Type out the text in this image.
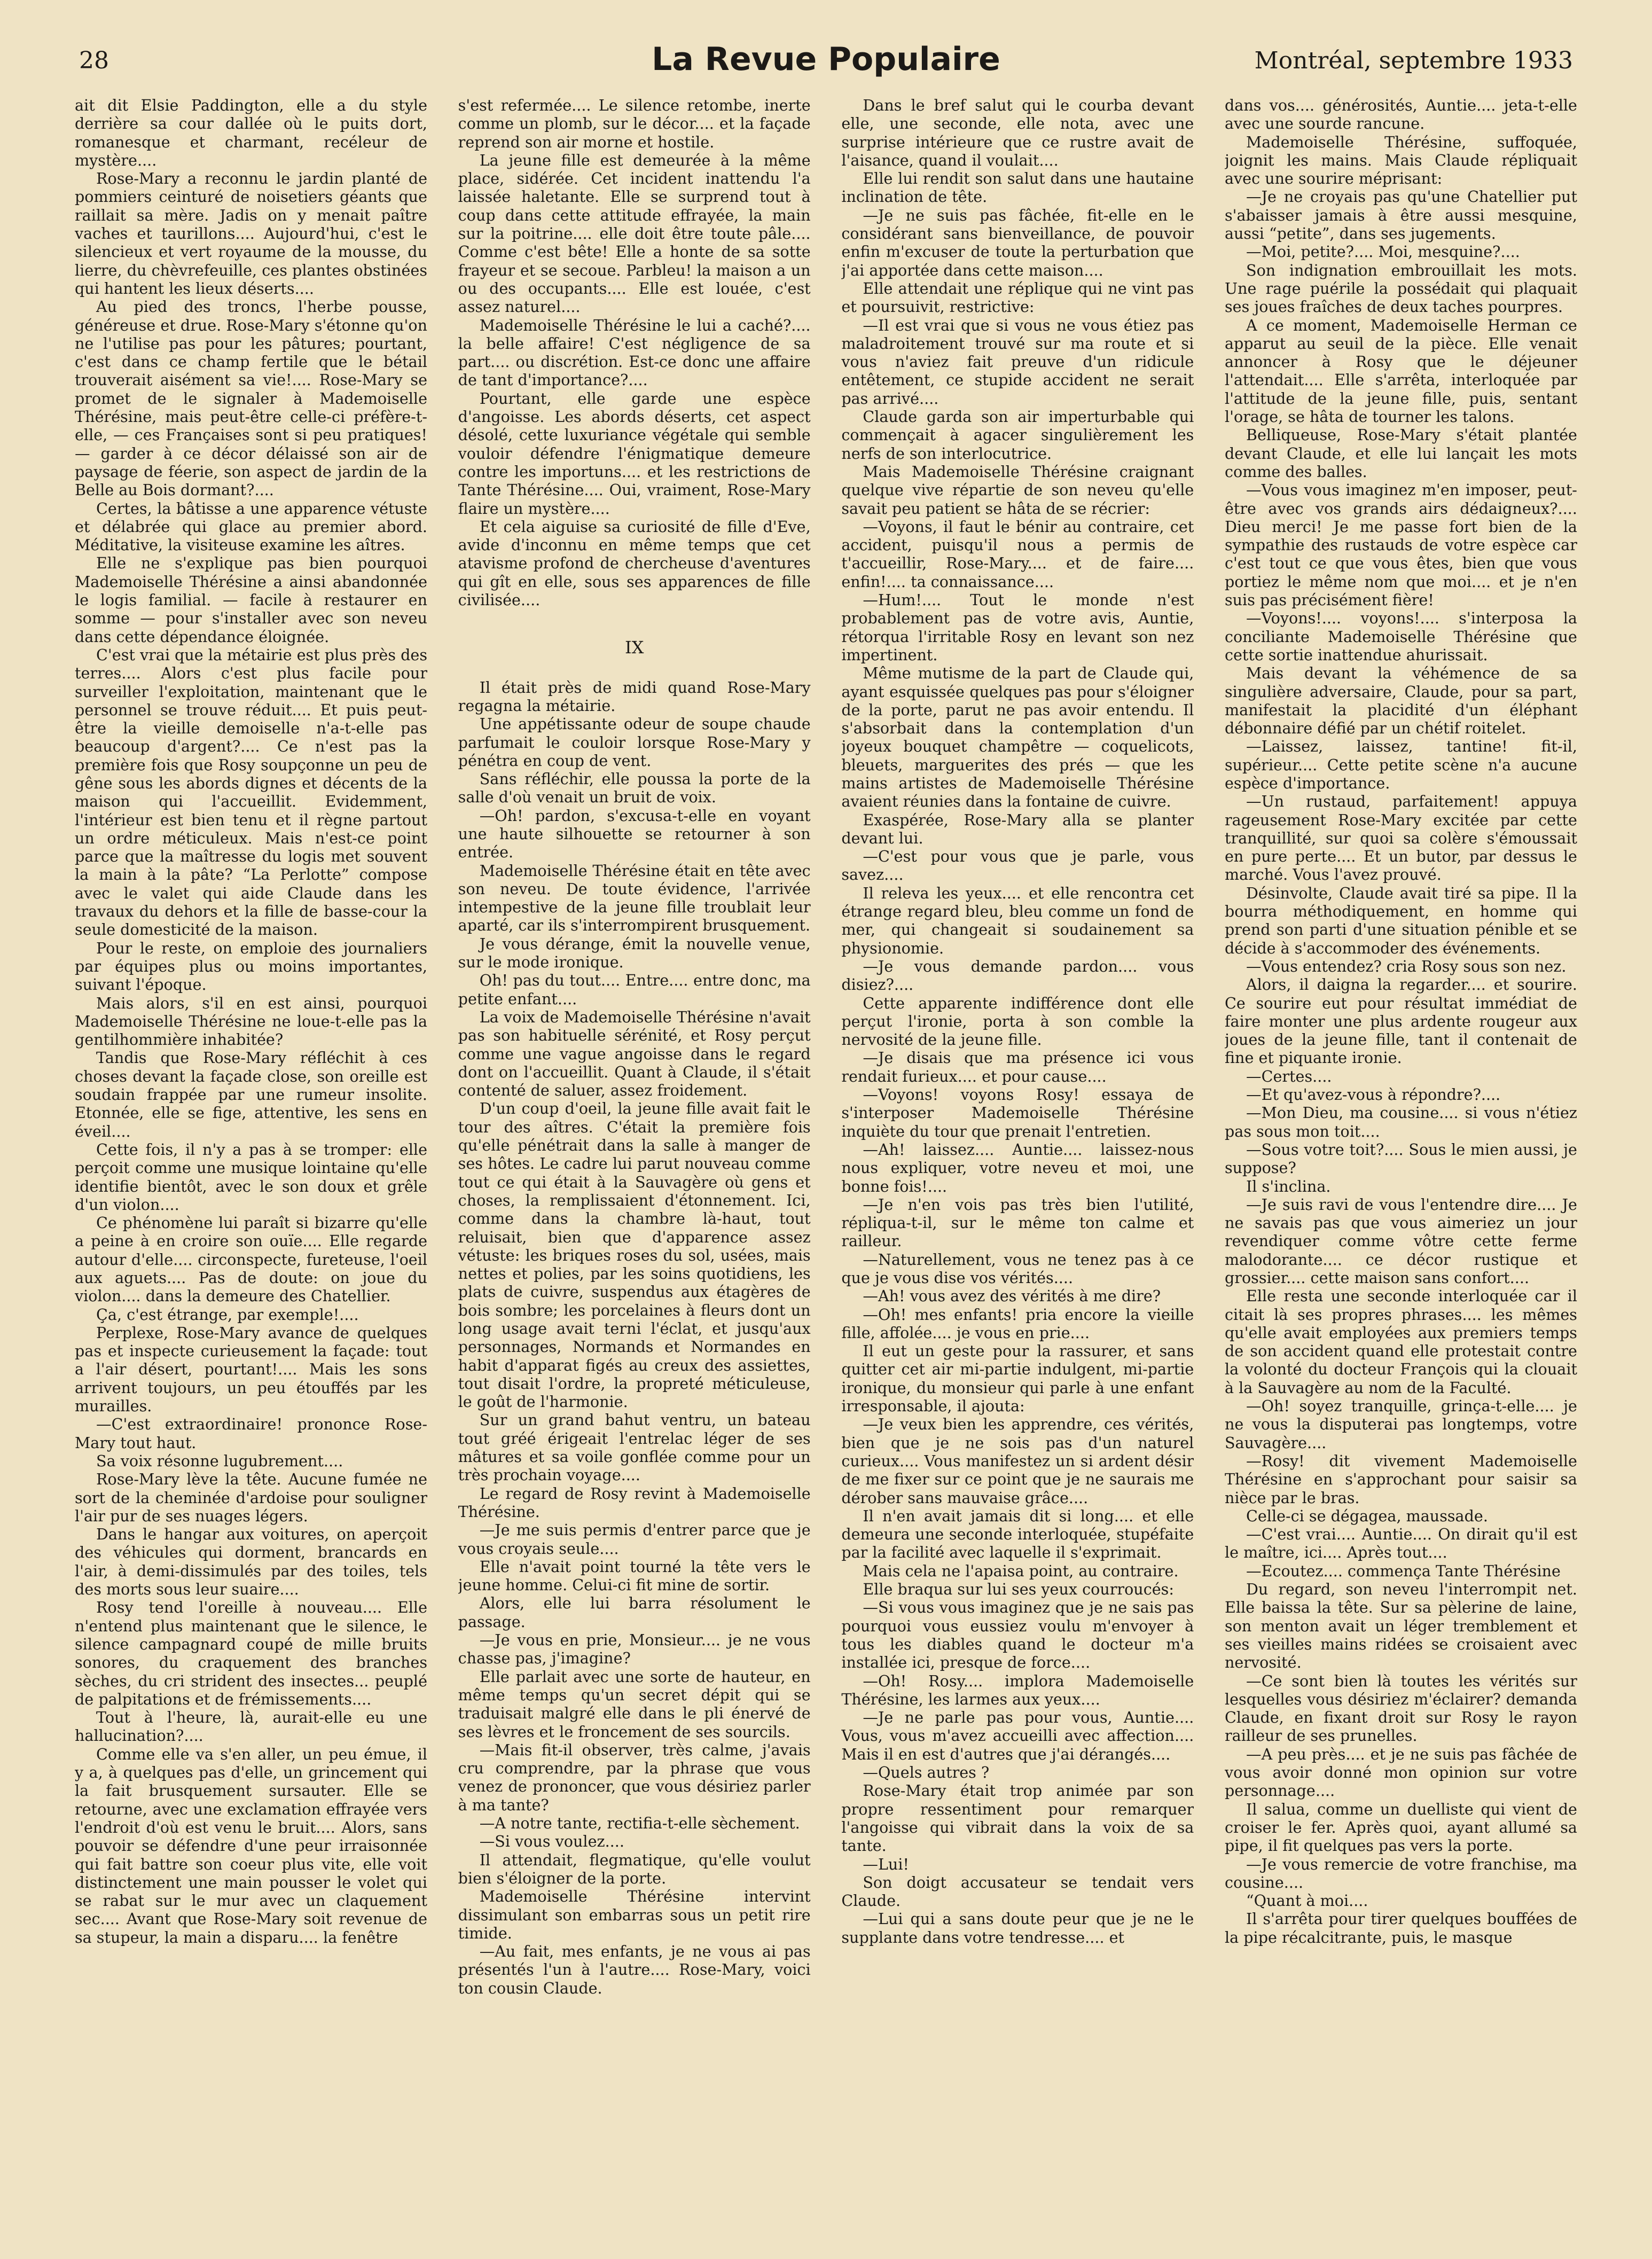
28	La Revue Populaire	Montréal, septembre 1933

ait dit Elsie Paddington, elle a du style derrière sa cour dallée où le puits dort, romanesque et charmant, recéleur de mystère....

Rose-Mary a reconnu le jardin planté de pommiers ceinturé de noisetiers géants que raillait sa mère. Jadis on y menait paître vaches et taurillons.... Aujourd'hui, c'est le silencieux et vert royaume de la mousse, du lierre, du chèvrefeuille, ces plantes obstinées qui hantent les lieux déserts....

Au pied des troncs, l'herbe pousse, généreuse et drue. Rose-Mary s'étonne qu'on ne l'utilise pas pour les pâtures; pourtant, c'est dans ce champ fertile que le bétail trouverait aisément sa vie!.... Rose-Mary se promet de le signaler à Mademoiselle Thérésine, mais peut-être celle-ci préfère-t-elle, — ces Françaises sont si peu pratiques! — garder à ce décor délaissé son air de paysage de féerie, son aspect de jardin de la Belle au Bois dormant?....

Certes, la bâtisse a une apparence vétuste et délabrée qui glace au premier abord. Méditative, la visiteuse examine les aîtres.

Elle ne s'explique pas bien pourquoi Mademoiselle Thérésine a ainsi abandonnée le logis familial. — facile à restaurer en somme — pour s'installer avec son neveu dans cette dépendance éloignée.

C'est vrai que la métairie est plus près des terres.... Alors c'est plus facile pour surveiller l'exploitation, maintenant que le personnel se trouve réduit.... Et puis peut-être la vieille demoiselle n'a-t-elle pas beaucoup d'argent?.... Ce n'est pas la première fois que Rosy soupçonne un peu de gêne sous les abords dignes et décents de la maison qui l'accueillit. Evidemment, l'intérieur est bien tenu et il règne partout un ordre méticuleux. Mais n'est-ce point parce que la maîtresse du logis met souvent la main à la pâte? “La Perlotte” compose avec le valet qui aide Claude dans les travaux du dehors et la fille de basse-cour la seule domesticité de la maison.

Pour le reste, on emploie des journaliers par équipes plus ou moins importantes, suivant l'époque.

Mais alors, s'il en est ainsi, pourquoi Mademoiselle Thérésine ne loue-t-elle pas la gentilhommière inhabitée?

Tandis que Rose-Mary réfléchit à ces choses devant la façade close, son oreille est soudain frappée par une rumeur insolite. Etonnée, elle se fige, attentive, les sens en éveil....

Cette fois, il n'y a pas à se tromper: elle perçoit comme une musique lointaine qu'elle identifie bientôt, avec le son doux et grêle d'un violon....

Ce phénomène lui paraît si bizarre qu'elle a peine à en croire son ouïe.... Elle regarde autour d'elle.... circonspecte, fureteuse, l'oeil aux aguets.... Pas de doute: on joue du violon.... dans la demeure des Chatellier.

Ça, c'est étrange, par exemple!....

Perplexe, Rose-Mary avance de quelques pas et inspecte curieusement la façade: tout a l'air désert, pourtant!.... Mais les sons arrivent toujours, un peu étouffés par les murailles.

—C'est extraordinaire! prononce Rose-Mary tout haut.

Sa voix résonne lugubrement....

Rose-Mary lève la tête. Aucune fumée ne sort de la cheminée d'ardoise pour souligner l'air pur de ses nuages légers.

Dans le hangar aux voitures, on aperçoit des véhicules qui dorment, brancards en l'air, à demi-dissimulés par des toiles, tels des morts sous leur suaire....

Rosy tend l'oreille à nouveau.... Elle n'entend plus maintenant que le silence, le silence campagnard coupé de mille bruits sonores, du craquement des branches sèches, du cri strident des insectes... peuplé de palpitations et de frémissements....

Tout à l'heure, là, aurait-elle eu une hallucination?....

Comme elle va s'en aller, un peu émue, il y a, à quelques pas d'elle, un grincement qui la fait brusquement sursauter. Elle se retourne, avec une exclamation effrayée vers l'endroit d'où est venu le bruit.... Alors, sans pouvoir se défendre d'une peur irraisonnée qui fait battre son coeur plus vite, elle voit distinctement une main pousser le volet qui se rabat sur le mur avec un claquement sec.... Avant que Rose-Mary soit revenue de sa stupeur, la main a disparu.... la fenêtre

s'est refermée.... Le silence retombe, inerte comme un plomb, sur le décor.... et la façade reprend son air morne et hostile.

La jeune fille est demeurée à la même place, sidérée. Cet incident inattendu l'a laissée haletante. Elle se surprend tout à coup dans cette attitude effrayée, la main sur la poitrine.... elle doit être toute pâle.... Comme c'est bête! Elle a honte de sa sotte frayeur et se secoue. Parbleu! la maison a un ou des occupants.... Elle est louée, c'est assez naturel....

Mademoiselle Thérésine le lui a caché?.... la belle affaire! C'est négligence de sa part.... ou discrétion. Est-ce donc une affaire de tant d'importance?....

Pourtant, elle garde une espèce d'angoisse. Les abords déserts, cet aspect désolé, cette luxuriance végétale qui semble vouloir défendre l'énigmatique demeure contre les importuns.... et les restrictions de Tante Thérésine.... Oui, vraiment, Rose-Mary flaire un mystère....

Et cela aiguise sa curiosité de fille d'Eve, avide d'inconnu en même temps que cet atavisme profond de chercheuse d'aventures qui gît en elle, sous ses apparences de fille civilisée....

IX

Il était près de midi quand Rose-Mary regagna la métairie.

Une appétissante odeur de soupe chaude parfumait le couloir lorsque Rose-Mary y pénétra en coup de vent.

Sans réfléchir, elle poussa la porte de la salle d'où venait un bruit de voix.

—Oh! pardon, s'excusa-t-elle en voyant une haute silhouette se retourner à son entrée.

Mademoiselle Thérésine était en tête avec son neveu. De toute évidence, l'arrivée intempestive de la jeune fille troublait leur aparté, car ils s'interrompirent brusquement.

Je vous dérange, émit la nouvelle venue, sur le mode ironique.

Oh! pas du tout.... Entre.... entre donc, ma petite enfant....

La voix de Mademoiselle Thérésine n'avait pas son habituelle sérénité, et Rosy perçut comme une vague angoisse dans le regard dont on l'accueillit. Quant à Claude, il s'était contenté de saluer, assez froidement.

D'un coup d'oeil, la jeune fille avait fait le tour des aîtres. C'était la première fois qu'elle pénétrait dans la salle à manger de ses hôtes. Le cadre lui parut nouveau comme tout ce qui était à la Sauvagère où gens et choses, la remplissaient d'étonnement. Ici, comme dans la chambre là-haut, tout reluisait, bien que d'apparence assez vétuste: les briques roses du sol, usées, mais nettes et polies, par les soins quotidiens, les plats de cuivre, suspendus aux étagères de bois sombre; les porcelaines à fleurs dont un long usage avait terni l'éclat, et jusqu'aux personnages, Normands et Normandes en habit d'apparat figés au creux des assiettes, tout disait l'ordre, la propreté méticuleuse, le goût de l'harmonie.

Sur un grand bahut ventru, un bateau tout gréé érigeait l'entrelac léger de ses mâtures et sa voile gonflée comme pour un très prochain voyage....

Le regard de Rosy revint à Mademoiselle Thérésine.

—Je me suis permis d'entrer parce que je vous croyais seule....

Elle n'avait point tourné la tête vers le jeune homme. Celui-ci fit mine de sortir.

Alors, elle lui barra résolument le passage.

—Je vous en prie, Monsieur.... je ne vous chasse pas, j'imagine?

Elle parlait avec une sorte de hauteur, en même temps qu'un secret dépit qui se traduisait malgré elle dans le pli énervé de ses lèvres et le froncement de ses sourcils.

—Mais fit-il observer, très calme, j'avais cru comprendre, par la phrase que vous venez de prononcer, que vous désiriez parler à ma tante?

—A notre tante, rectifia-t-elle sèchement.

—Si vous voulez....

Il attendait, flegmatique, qu'elle voulut bien s'éloigner de la porte.

Mademoiselle Thérésine intervint dissimulant son embarras sous un petit rire timide.

—Au fait, mes enfants, je ne vous ai pas présentés l'un à l'autre.... Rose-Mary, voici ton cousin Claude.

Dans le bref salut qui le courba devant elle, une seconde, elle nota, avec une surprise intérieure que ce rustre avait de l'aisance, quand il voulait....

Elle lui rendit son salut dans une hautaine inclination de tête.

—Je ne suis pas fâchée, fit-elle en le considérant sans bienveillance, de pouvoir enfin m'excuser de toute la perturbation que j'ai apportée dans cette maison....

Elle attendait une réplique qui ne vint pas et poursuivit, restrictive:

—Il est vrai que si vous ne vous étiez pas maladroitement trouvé sur ma route et si vous n'aviez fait preuve d'un ridicule entêtement, ce stupide accident ne serait pas arrivé....

Claude garda son air imperturbable qui commençait à agacer singulièrement les nerfs de son interlocutrice.

Mais Mademoiselle Thérésine craignant quelque vive répartie de son neveu qu'elle savait peu patient se hâta de se récrier:

—Voyons, il faut le bénir au contraire, cet accident, puisqu'il nous a permis de t'accueillir, Rose-Mary.... et de faire.... enfin!.... ta connaissance....

—Hum!.... Tout le monde n'est probablement pas de votre avis, Auntie, rétorqua l'irritable Rosy en levant son nez impertinent.

Même mutisme de la part de Claude qui, ayant esquissée quelques pas pour s'éloigner de la porte, parut ne pas avoir entendu. Il s'absorbait dans la contemplation d'un joyeux bouquet champêtre — coquelicots, bleuets, marguerites des prés — que les mains artistes de Mademoiselle Thérésine avaient réunies dans la fontaine de cuivre.

Exaspérée, Rose-Mary alla se planter devant lui.

—C'est pour vous que je parle, vous savez....

Il releva les yeux.... et elle rencontra cet étrange regard bleu, bleu comme un fond de mer, qui changeait si soudainement sa physionomie.

—Je vous demande pardon.... vous disiez?....

Cette apparente indifférence dont elle perçut l'ironie, porta à son comble la nervosité de la jeune fille.

—Je disais que ma présence ici vous rendait furieux.... et pour cause....

—Voyons! voyons Rosy! essaya de s'interposer Mademoiselle Thérésine inquiète du tour que prenait l'entretien.

—Ah! laissez.... Auntie.... laissez-nous nous expliquer, votre neveu et moi, une bonne fois!....

—Je n'en vois pas très bien l'utilité, répliqua-t-il, sur le même ton calme et railleur.

—Naturellement, vous ne tenez pas à ce que je vous dise vos vérités....

—Ah! vous avez des vérités à me dire?

—Oh! mes enfants! pria encore la vieille fille, affolée.... je vous en prie....

Il eut un geste pour la rassurer, et sans quitter cet air mi-partie indulgent, mi-partie ironique, du monsieur qui parle à une enfant irresponsable, il ajouta:

—Je veux bien les apprendre, ces vérités, bien que je ne sois pas d'un naturel curieux.... Vous manifestez un si ardent désir de me fixer sur ce point que je ne saurais me dérober sans mauvaise grâce....

Il n'en avait jamais dit si long.... et elle demeura une seconde interloquée, stupéfaite par la facilité avec laquelle il s'exprimait.

Mais cela ne l'apaisa point, au contraire.

Elle braqua sur lui ses yeux courroucés:

—Si vous vous imaginez que je ne sais pas pourquoi vous eussiez voulu m'envoyer à tous les diables quand le docteur m'a installée ici, presque de force....

—Oh! Rosy.... implora Mademoiselle Thérésine, les larmes aux yeux....

—Je ne parle pas pour vous, Auntie.... Vous, vous m'avez accueilli avec affection.... Mais il en est d'autres que j'ai dérangés....

—Quels autres ?

Rose-Mary était trop animée par son propre ressentiment pour remarquer l'angoisse qui vibrait dans la voix de sa tante.

—Lui!

Son doigt accusateur se tendait vers Claude.

—Lui qui a sans doute peur que je ne le supplante dans votre tendresse.... et

dans vos.... générosités, Auntie.... jeta-t-elle avec une sourde rancune.

Mademoiselle Thérésine, suffoquée, joignit les mains. Mais Claude répliquait avec une sourire méprisant:

—Je ne croyais pas qu'une Chatellier put s'abaisser jamais à être aussi mesquine, aussi “petite”, dans ses jugements.

—Moi, petite?.... Moi, mesquine?....

Son indignation embrouillait les mots. Une rage puérile la possédait qui plaquait ses joues fraîches de deux taches pourpres.

A ce moment, Mademoiselle Herman ce apparut au seuil de la pièce. Elle venait annoncer à Rosy que le déjeuner l'attendait.... Elle s'arrêta, interloquée par l'attitude de la jeune fille, puis, sentant l'orage, se hâta de tourner les talons.

Belliqueuse, Rose-Mary s'était plantée devant Claude, et elle lui lançait les mots comme des balles.

—Vous vous imaginez m'en imposer, peut-être avec vos grands airs dédaigneux?.... Dieu merci! Je me passe fort bien de la sympathie des rustauds de votre espèce car c'est tout ce que vous êtes, bien que vous portiez le même nom que moi.... et je n'en suis pas précisément fière!

—Voyons!.... voyons!.... s'interposa la conciliante Mademoiselle Thérésine que cette sortie inattendue ahurissait.

Mais devant la véhémence de sa singulière adversaire, Claude, pour sa part, manifestait la placidité d'un éléphant débonnaire défié par un chétif roitelet.

—Laissez, laissez, tantine! fit-il, supérieur.... Cette petite scène n'a aucune espèce d'importance.

—Un rustaud, parfaitement! appuya rageusement Rose-Mary excitée par cette tranquillité, sur quoi sa colère s'émoussait en pure perte.... Et un butor, par dessus le marché. Vous l'avez prouvé.

Désinvolte, Claude avait tiré sa pipe. Il la bourra méthodiquement, en homme qui prend son parti d'une situation pénible et se décide à s'accommoder des événements.

—Vous entendez? cria Rosy sous son nez.

Alors, il daigna la regarder.... et sourire. Ce sourire eut pour résultat immédiat de faire monter une plus ardente rougeur aux joues de la jeune fille, tant il contenait de fine et piquante ironie.

—Certes....

—Et qu'avez-vous à répondre?....

—Mon Dieu, ma cousine.... si vous n'étiez pas sous mon toit....

—Sous votre toit?.... Sous le mien aussi, je suppose?

Il s'inclina.

—Je suis ravi de vous l'entendre dire.... Je ne savais pas que vous aimeriez un jour revendiquer comme vôtre cette ferme malodorante.... ce décor rustique et grossier.... cette maison sans confort....

Elle resta une seconde interloquée car il citait là ses propres phrases.... les mêmes qu'elle avait employées aux premiers temps de son accident quand elle protestait contre la volonté du docteur François qui la clouait à la Sauvagère au nom de la Faculté.

—Oh! soyez tranquille, grinça-t-elle.... je ne vous la disputerai pas longtemps, votre Sauvagère....

—Rosy! dit vivement Mademoiselle Thérésine en s'approchant pour saisir sa nièce par le bras.

Celle-ci se dégagea, maussade.

—C'est vrai.... Auntie.... On dirait qu'il est le maître, ici.... Après tout....

—Ecoutez.... commença Tante Thérésine

Du regard, son neveu l'interrompit net. Elle baissa la tête. Sur sa pèlerine de laine, son menton avait un léger tremblement et ses vieilles mains ridées se croisaient avec nervosité.

—Ce sont bien là toutes les vérités sur lesquelles vous désiriez m'éclairer? demanda Claude, en fixant droit sur Rosy le rayon railleur de ses prunelles.

—A peu près.... et je ne suis pas fâchée de vous avoir donné mon opinion sur votre personnage....

Il salua, comme un duelliste qui vient de croiser le fer. Après quoi, ayant allumé sa pipe, il fit quelques pas vers la porte.

—Je vous remercie de votre franchise, ma cousine....

“Quant à moi....

Il s'arrêta pour tirer quelques bouffées de la pipe récalcitrante, puis, le masque
